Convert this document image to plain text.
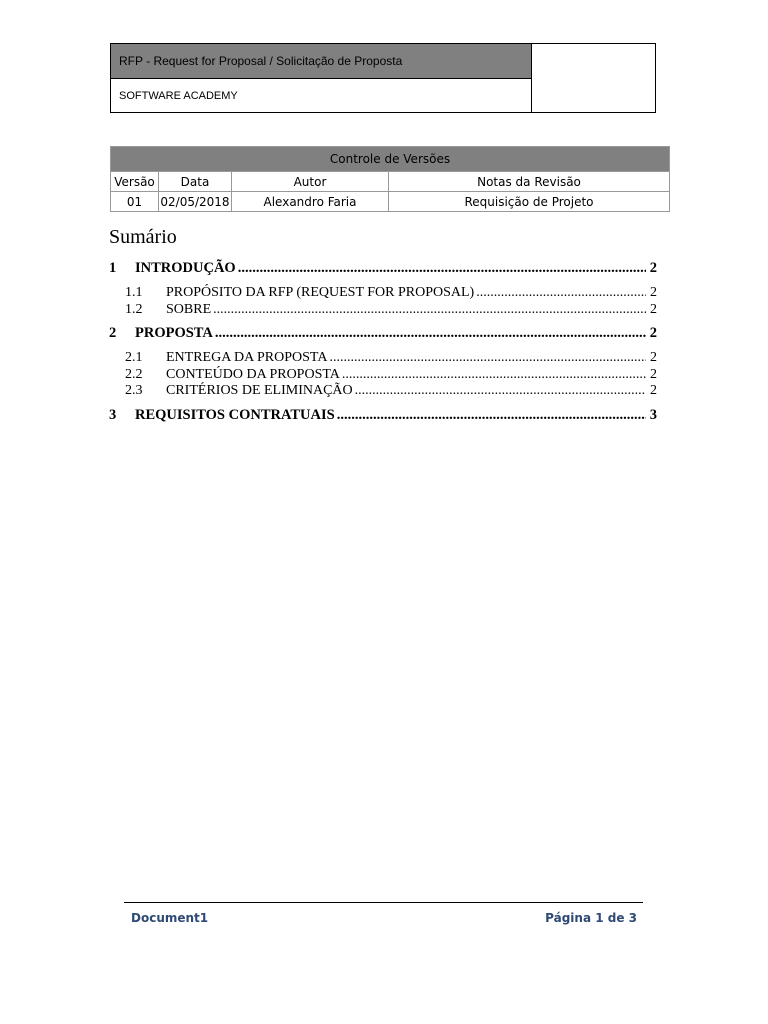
RFP - Request for Proposal / Solicitação de Proposta
SOFTWARE ACADEMY
Controle de Versões			
Versão	Data	Autor	Notas da Revisão
01	02/05/2018	Alexandro Faria	Requisição de Projeto
Sumário
1	INTRODUÇÃO .....	2
1.1	PROPÓSITO DA RFP (REQUEST FOR PROPOSAL) .....	2
1.2	SOBRE .....	2
2	PROPOSTA .....	2
2.1	ENTREGA DA PROPOSTA .....	2
2.2	CONTEÚDO DA PROPOSTA .....	2
2.3	CRITÉRIOS DE ELIMINAÇÃO .....	2
3	REQUISITOS CONTRATUAIS .....	3
Document1	Página 1 de 3
